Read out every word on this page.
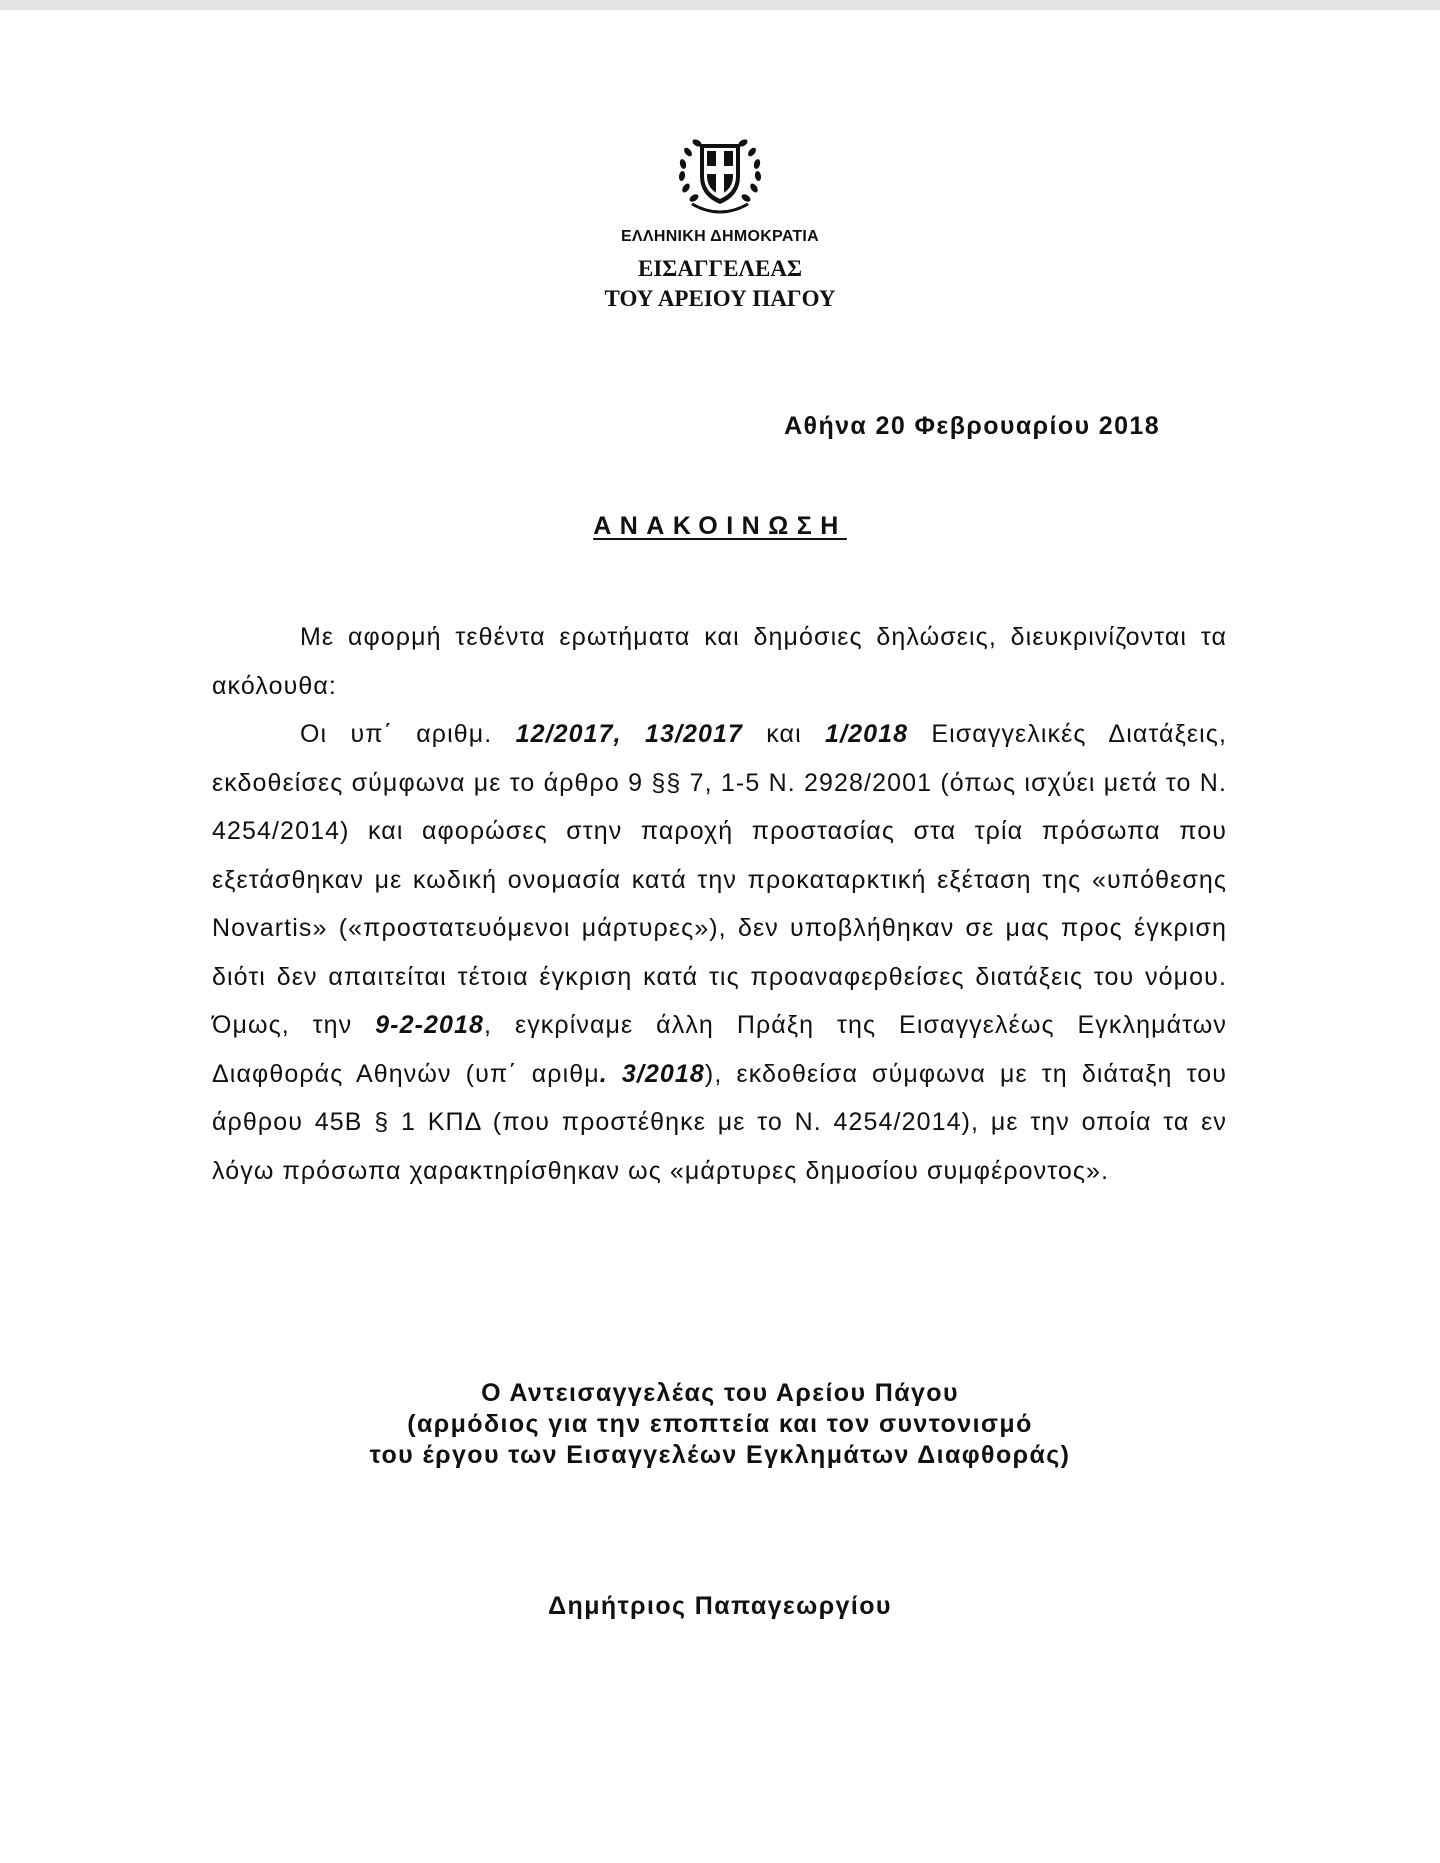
ΕΛΛΗΝΙΚΗ ΔΗΜΟΚΡΑΤΙΑ
ΕΙΣΑΓΓΕΛΕΑΣ
ΤΟΥ ΑΡΕΙΟΥ ΠΑΓΟΥ
Αθήνα 20 Φεβρουαρίου 2018
ΑΝΑΚΟΙΝΩΣΗ

Με αφορμή τεθέντα ερωτήματα και δημόσιες δηλώσεις, διευκρινίζονται τα ακόλουθα:

Οι υπ΄ αριθμ. 12/2017, 13/2017 και 1/2018 Εισαγγελικές Διατάξεις, εκδοθείσες σύμφωνα με το άρθρο 9 §§ 7, 1-5 Ν. 2928/2001 (όπως ισχύει μετά το Ν. 4254/2014) και αφορώσες στην παροχή προστασίας στα τρία πρόσωπα που εξετάσθηκαν με κωδική ονομασία κατά την προκαταρκτική εξέταση της «υπόθεσης Novartis» («προστατευόμενοι μάρτυρες»), δεν υποβλήθηκαν σε μας προς έγκριση διότι δεν απαιτείται τέτοια έγκριση κατά τις προαναφερθείσες διατάξεις του νόμου. Όμως, την 9-2-2018, εγκρίναμε άλλη Πράξη της Εισαγγελέως Εγκλημάτων Διαφθοράς Αθηνών (υπ΄ αριθμ. 3/2018), εκδοθείσα σύμφωνα με τη διάταξη του άρθρου 45Β § 1 ΚΠΔ (που προστέθηκε με το Ν. 4254/2014), με την οποία τα εν λόγω πρόσωπα χαρακτηρίσθηκαν ως «μάρτυρες δημοσίου συμφέροντος».

Ο Αντεισαγγελέας του Αρείου Πάγου
(αρμόδιος για την εποπτεία και τον συντονισμό
του έργου των Εισαγγελέων Εγκλημάτων Διαφθοράς)
Δημήτριος Παπαγεωργίου
